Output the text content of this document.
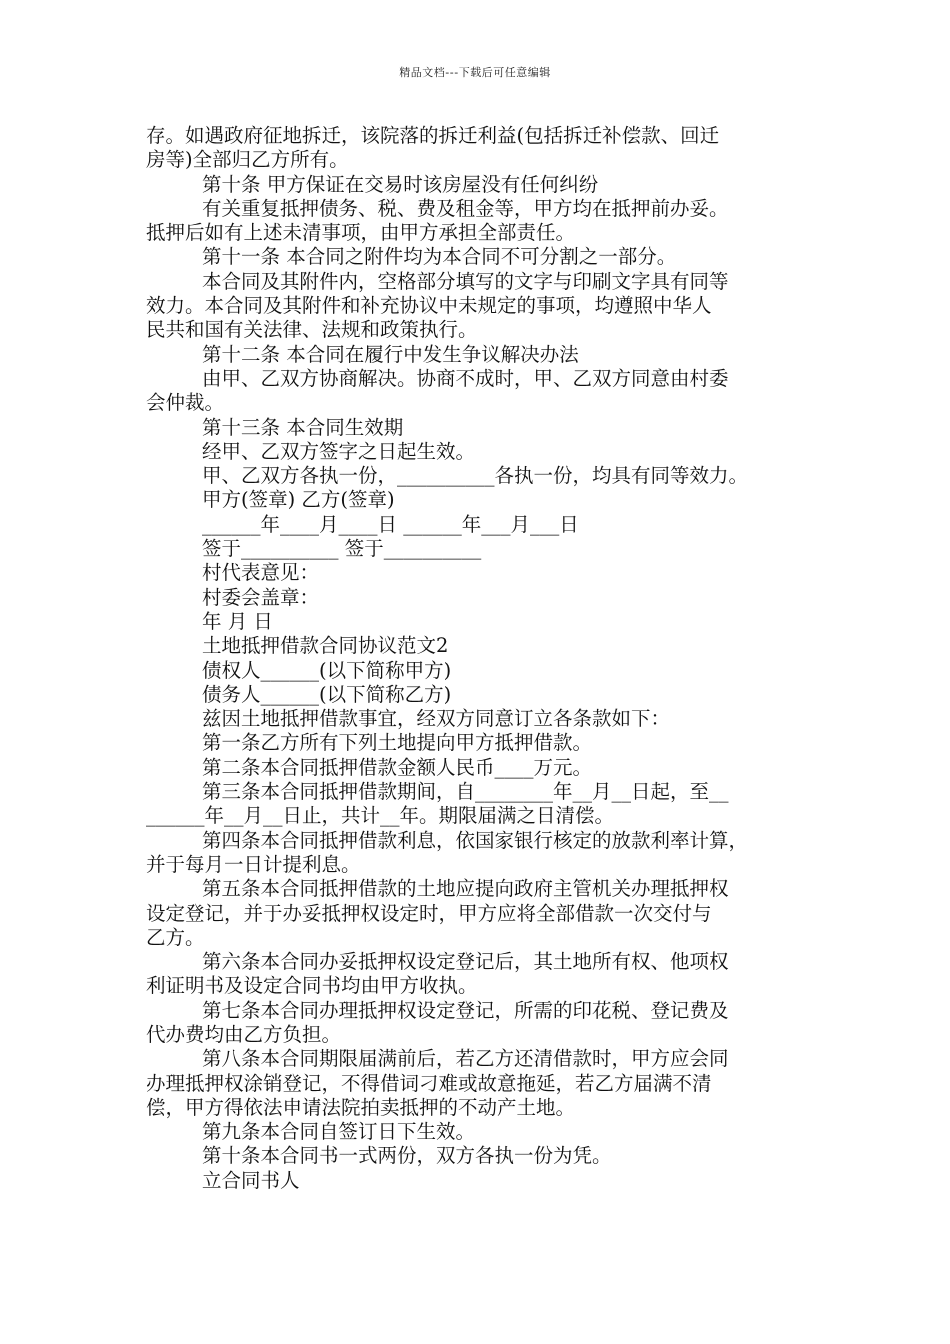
精品文档---下载后可任意编辑

存。如遇政府征地拆迁，该院落的拆迁利益(包括拆迁补偿款、回迁

房等)全部归乙方所有。

第十条 甲方保证在交易时该房屋没有任何纠纷

有关重复抵押债务、税、费及租金等，甲方均在抵押前办妥。

抵押后如有上述未清事项，由甲方承担全部责任。

第十一条 本合同之附件均为本合同不可分割之一部分。

本合同及其附件内，空格部分填写的文字与印刷文字具有同等

效力。本合同及其附件和补充协议中未规定的事项，均遵照中华人

民共和国有关法律、法规和政策执行。

第十二条 本合同在履行中发生争议解决办法

由甲、乙双方协商解决。协商不成时，甲、乙双方同意由村委

会仲裁。

第十三条 本合同生效期

经甲、乙双方签字之日起生效。

甲、乙双方各执一份，__________各执一份，均具有同等效力。

甲方(签章) 乙方(签章)

______年____月____日 ______年___月___日

签于__________ 签于__________

村代表意见：

村委会盖章：

年 月 日

土地抵押借款合同协议范文2

债权人______(以下简称甲方)

债务人______(以下简称乙方)

兹因土地抵押借款事宜，经双方同意订立各条款如下：

第一条乙方所有下列土地提向甲方抵押借款。

第二条本合同抵押借款金额人民币____万元。

第三条本合同抵押借款期间，自________年__月__日起，至__

______年__月__日止，共计__年。期限届满之日清偿。

第四条本合同抵押借款利息，依国家银行核定的放款利率计算，

并于每月一日计提利息。

第五条本合同抵押借款的土地应提向政府主管机关办理抵押权

设定登记，并于办妥抵押权设定时，甲方应将全部借款一次交付与

乙方。

第六条本合同办妥抵押权设定登记后，其土地所有权、他项权

利证明书及设定合同书均由甲方收执。

第七条本合同办理抵押权设定登记，所需的印花税、登记费及

代办费均由乙方负担。

第八条本合同期限届满前后，若乙方还清借款时，甲方应会同

办理抵押权涂销登记，不得借词刁难或故意拖延，若乙方届满不清

偿，甲方得依法申请法院拍卖抵押的不动产土地。

第九条本合同自签订日下生效。

第十条本合同书一式两份，双方各执一份为凭。

立合同书人
